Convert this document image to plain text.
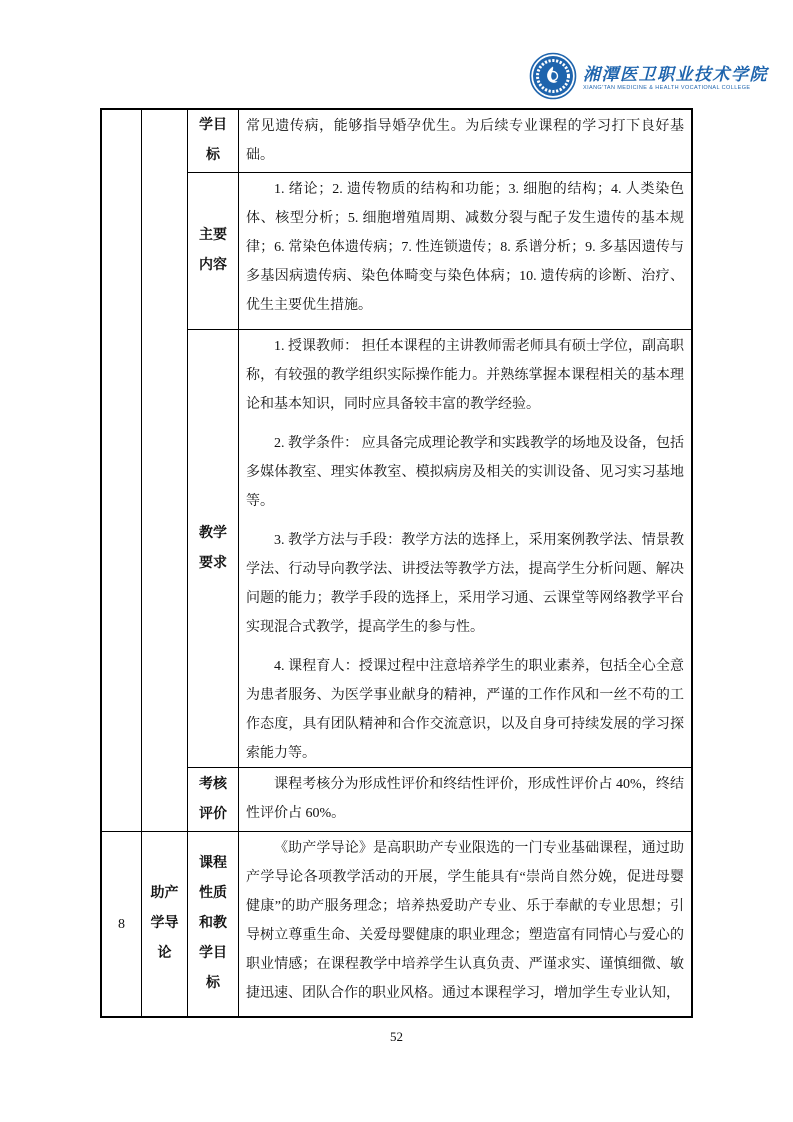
湘潭医卫职业技术学院
XIANG'TAN MEDICINE & HEALTH VOCATIONAL COLLEGE
学目标

常见遗传病，能够指导婚孕优生。为后续专业课程的学习打下良好基础。

主要内容

1. 绪论；2. 遗传物质的结构和功能；3. 细胞的结构；4. 人类染色体、核型分析；5. 细胞增殖周期、减数分裂与配子发生遗传的基本规律；6. 常染色体遗传病；7. 性连锁遗传；8. 系谱分析；9. 多基因遗传与多基因病遗传病、染色体畸变与染色体病；10. 遗传病的诊断、治疗、优生主要优生措施。

教学要求

1. 授课教师： 担任本课程的主讲教师需老师具有硕士学位，副高职称，有较强的教学组织实际操作能力。并熟练掌握本课程相关的基本理论和基本知识，同时应具备较丰富的教学经验。

2. 教学条件： 应具备完成理论教学和实践教学的场地及设备，包括多媒体教室、理实体教室、模拟病房及相关的实训设备、见习实习基地等。

3. 教学方法与手段：教学方法的选择上，采用案例教学法、情景教学法、行动导向教学法、讲授法等教学方法，提高学生分析问题、解决问题的能力；教学手段的选择上，采用学习通、云课堂等网络教学平台实现混合式教学，提高学生的参与性。

4. 课程育人：授课过程中注意培养学生的职业素养，包括全心全意为患者服务、为医学事业献身的精神，严谨的工作作风和一丝不苟的工作态度，具有团队精神和合作交流意识，以及自身可持续发展的学习探索能力等。

考核评价

课程考核分为形成性评价和终结性评价，形成性评价占 40%，终结性评价占 60%。

8
助产学导论
课程性质和教学目标

《助产学导论》是高职助产专业限选的一门专业基础课程，通过助产学导论各项教学活动的开展，学生能具有“崇尚自然分娩，促进母婴健康”的助产服务理念；培养热爱助产专业、乐于奉献的专业思想；引导树立尊重生命、关爱母婴健康的职业理念；塑造富有同情心与爱心的职业情感；在课程教学中培养学生认真负责、严谨求实、谨慎细微、敏捷迅速、团队合作的职业风格。通过本课程学习，增加学生专业认知，

52
